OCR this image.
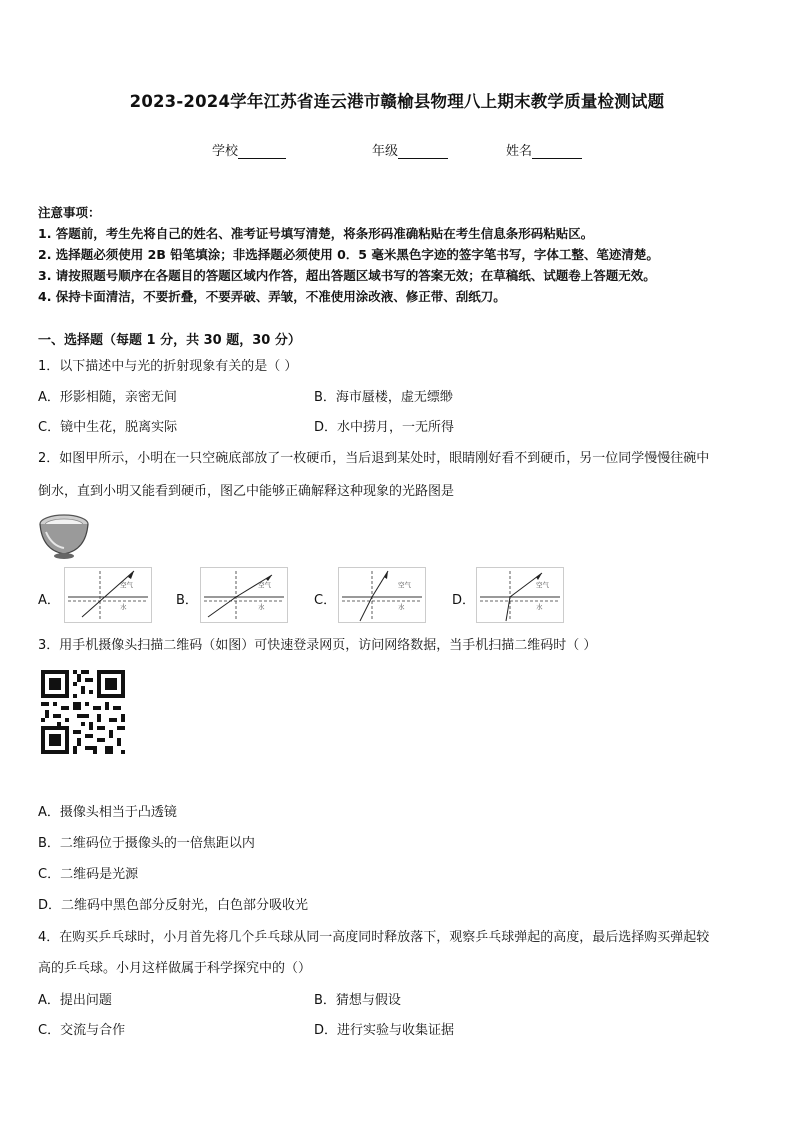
2023-2024学年江苏省连云港市赣榆县物理八上期末教学质量检测试题
学校	年级	姓名
注意事项：
1. 答题前，考生先将自己的姓名、准考证号填写清楚，将条形码准确粘贴在考生信息条形码粘贴区。
2. 选择题必须使用 2B 铅笔填涂；非选择题必须使用 0．5 毫米黑色字迹的签字笔书写，字体工整、笔迹清楚。
3. 请按照题号顺序在各题目的答题区域内作答，超出答题区域书写的答案无效；在草稿纸、试题卷上答题无效。
4. 保持卡面清洁，不要折叠，不要弄破、弄皱，不准使用涂改液、修正带、刮纸刀。
一、选择题（每题 1 分，共 30 题，30 分）
1．以下描述中与光的折射现象有关的是（ ）
A．形影相随，亲密无间	B．海市蜃楼，虚无缥缈
C．镜中生花，脱离实际	D．水中捞月，一无所得
2．如图甲所示，小明在一只空碗底部放了一枚硬币，当后退到某处时，眼睛刚好看不到硬币，另一位同学慢慢往碗中
倒水，直到小明又能看到硬币，图乙中能够正确解释这种现象的光路图是
A．
空气
水	B．
空气
水	C．
空气
水	D．
空气
水
3．用手机摄像头扫描二维码（如图）可快速登录网页，访问网络数据，当手机扫描二维码时（ ）
A．摄像头相当于凸透镜
B．二维码位于摄像头的一倍焦距以内
C．二维码是光源
D．二维码中黑色部分反射光，白色部分吸收光
4．在购买乒乓球时，小月首先将几个乒乓球从同一高度同时释放落下，观察乒乓球弹起的高度，最后选择购买弹起较
高的乒乓球。小月这样做属于科学探究中的（）
A．提出问题	B．猜想与假设
C．交流与合作	D．进行实验与收集证据
